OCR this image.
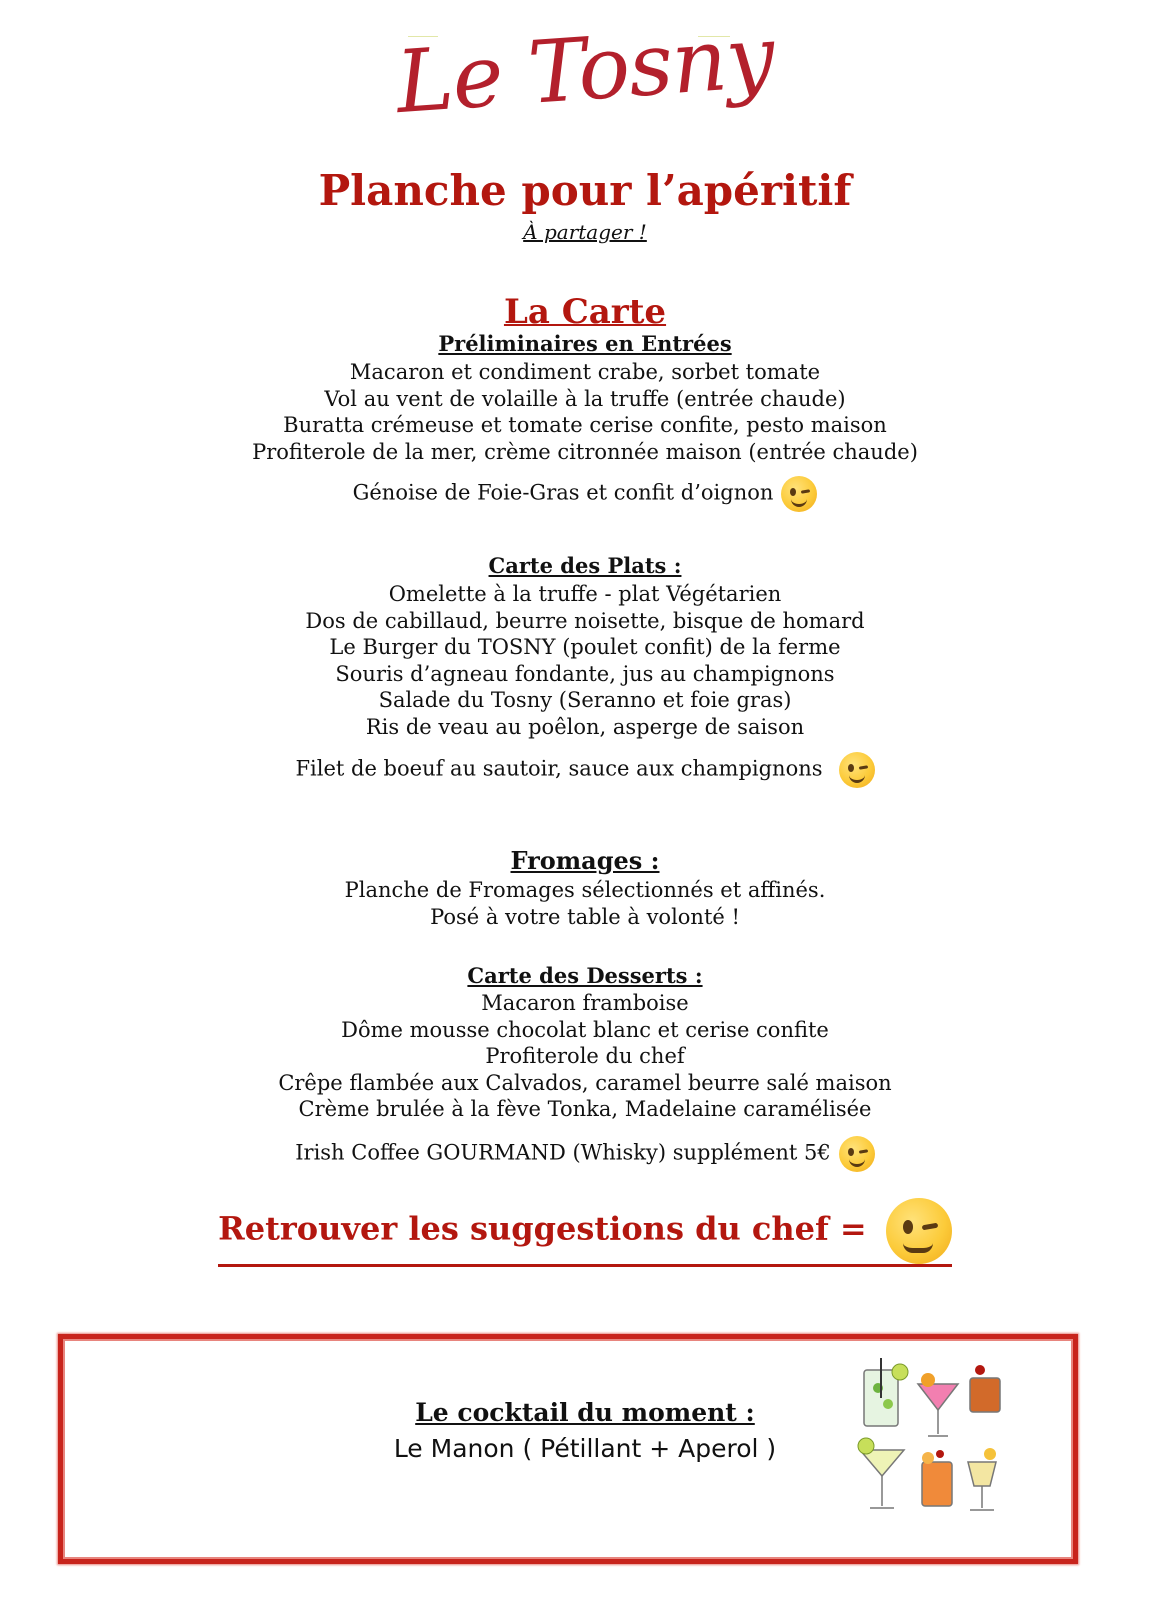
Le Tosny
Planche pour l’apéritif
À partager !
La Carte
Préliminaires en Entrées
Macaron et condiment crabe, sorbet tomate
Vol au vent de volaille à la truffe (entrée chaude)
Buratta crémeuse et tomate cerise confite, pesto maison
Profiterole de la mer, crème citronnée maison (entrée chaude)
Génoise de Foie-Gras et confit d’oignon
Carte des Plats :
Omelette à la truffe - plat Végétarien
Dos de cabillaud, beurre noisette, bisque de homard
Le Burger du TOSNY (poulet confit) de la ferme
Souris d’agneau fondante, jus au champignons
Salade du Tosny (Seranno et foie gras)
Ris de veau au poêlon, asperge de saison
Filet de boeuf au sautoir, sauce aux champignons
Fromages :
Planche de Fromages sélectionnés et affinés.
Posé à votre table à volonté !
Carte des Desserts :
Macaron framboise
Dôme mousse chocolat blanc et cerise confite
Profiterole du chef
Crêpe flambée aux Calvados, caramel beurre salé maison
Crème brulée à la fève Tonka, Madelaine caramélisée
Irish Coffee GOURMAND (Whisky) supplément 5€
Retrouver les suggestions du chef =
Le cocktail du moment :
Le Manon ( Pétillant + Aperol )
